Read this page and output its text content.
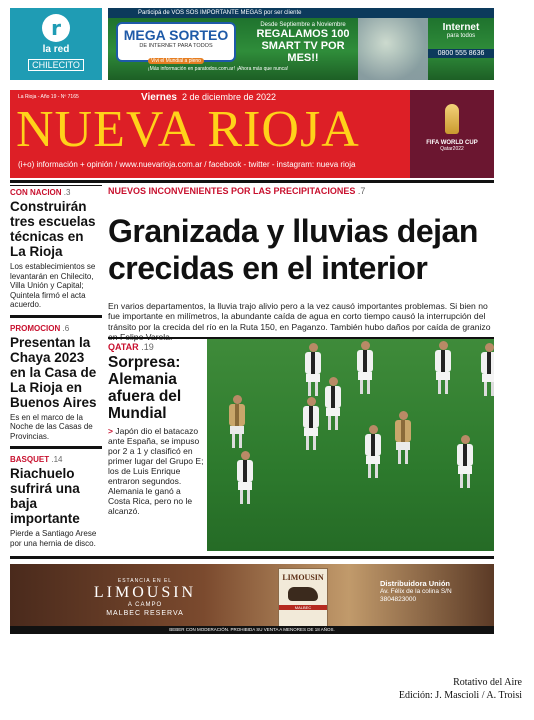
r
la red
CHILECITO
Participá de VOS SOS IMPORTANTE MEGAS por ser cliente
MEGA SORTEO
DE INTERNET PARA TODOS
Vivi el Mundial a pleno
Desde Septiembre a Noviembre
REGALAMOS 100 SMART TV POR MES!!
Internet
para todos
0800 555 8636
¡Más información en paratodos.com.ar! ¡Ahora más que nunca!
La Rioja - Año 19 - Nº 7165	Viernes 2 de diciembre de 2022
NUEVA RIOJA
(i+o) información + opinión / www.nuevarioja.com.ar / facebook - twitter - instagram: nueva rioja
FIFA WORLD CUP
Qatar2022
CON NACION .3
Construirán tres escuelas técnicas en La Rioja
Los establecimientos se levantarán en Chilecito, Villa Unión y Capital; Quintela firmó el acta acuerdo.
PROMOCION .6
Presentan la Chaya 2023 en la Casa de La Rioja en Buenos Aires
Es en el marco de la Noche de las Casas de Provincias.
BASQUET .14
Riachuelo sufrirá una baja importante
Pierde a Santiago Arese por una hernia de disco.
NUEVOS INCONVENIENTES POR LAS PRECIPITACIONES .7
Granizada y lluvias dejan crecidas en el interior
En varios departamentos, la lluvia trajo alivio pero a la vez causó importantes problemas. Si bien no fue importante en milímetros, la abundante caída de agua en corto tiempo causó la interrupción del tránsito por la crecida del río en la Ruta 150, en Paganzo. También hubo daños por caída de granizo
QATAR .19
Sorpresa: Alemania afuera del Mundial
> Japón dio el batacazo ante España, se impuso por 2 a 1 y clasificó en primer lugar del Grupo E; los de Luis Enrique entraron segundos. Alemania le ganó a Costa Rica, pero no le alcanzó.
ESTANCIA EN EL
LIMOUSIN
A CAMPO
MALBEC RESERVA
LIMOUSIN
MALBEC
Distribuidora Unión
Av. Félix de la colina S/N
3804823000
BEBER CON MODERACIÓN. PROHIBIDA SU VENTA A MENORES DE 18 AÑOS.
Rotativo del Aire
Edición: J. Mascioli / A. Troisi
